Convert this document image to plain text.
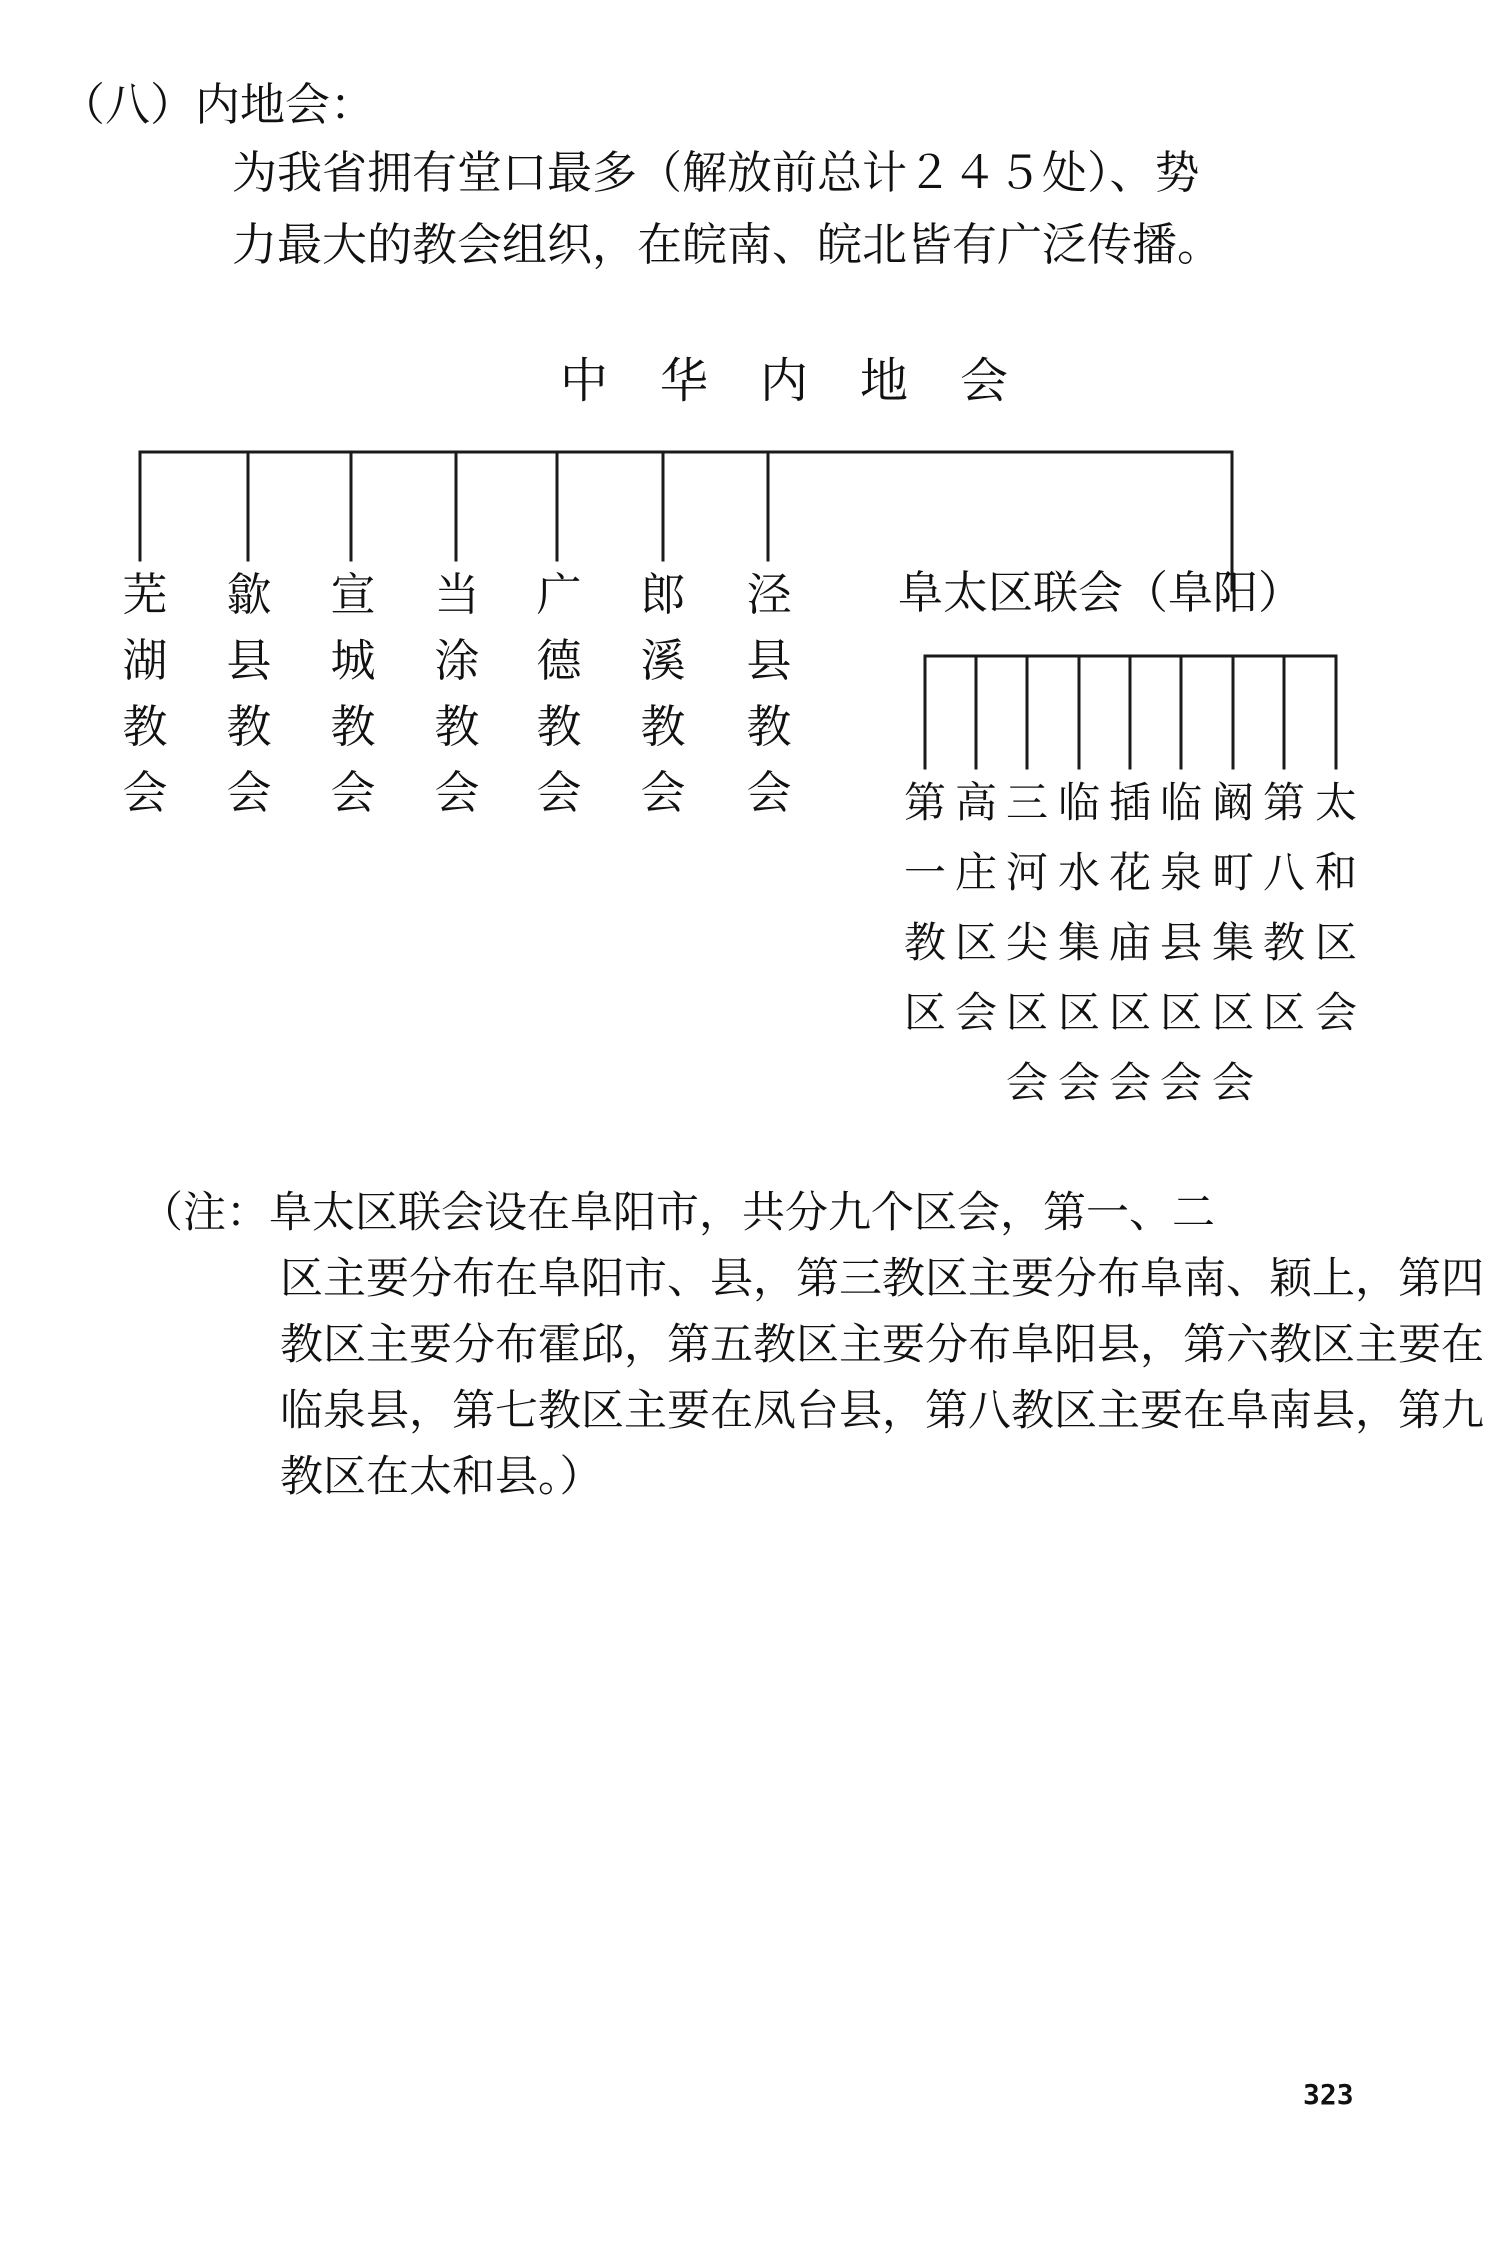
（八）内地会：
为我省拥有堂口最多（解放前总计２４５处）、势
力最大的教会组织，在皖南、皖北皆有广泛传播。
中华内地会
芜
湖
教
会
歙
县
教
会
宣
城
教
会
当
涂
教
会
广
德
教
会
郎
溪
教
会
泾
县
教
会
阜太区联会（阜阳）
第
一
教
区
高
庄
区
会
三
河
尖
区
会
临
水
集
区
会
插
花
庙
区
会
临
泉
县
区
会
阚
町
集
区
会
第
八
教
区
太
和
区
会
（注：阜太区联会设在阜阳市，共分九个区会，第一、二
区主要分布在阜阳市、县，第三教区主要分布阜南、颖上，第四教区主要分布霍邱，第五教区主要分布阜阳县，第六教区主要在临泉县，第七教区主要在凤台县，第八教区主要在阜南县，第九教区在太和县。）
323
